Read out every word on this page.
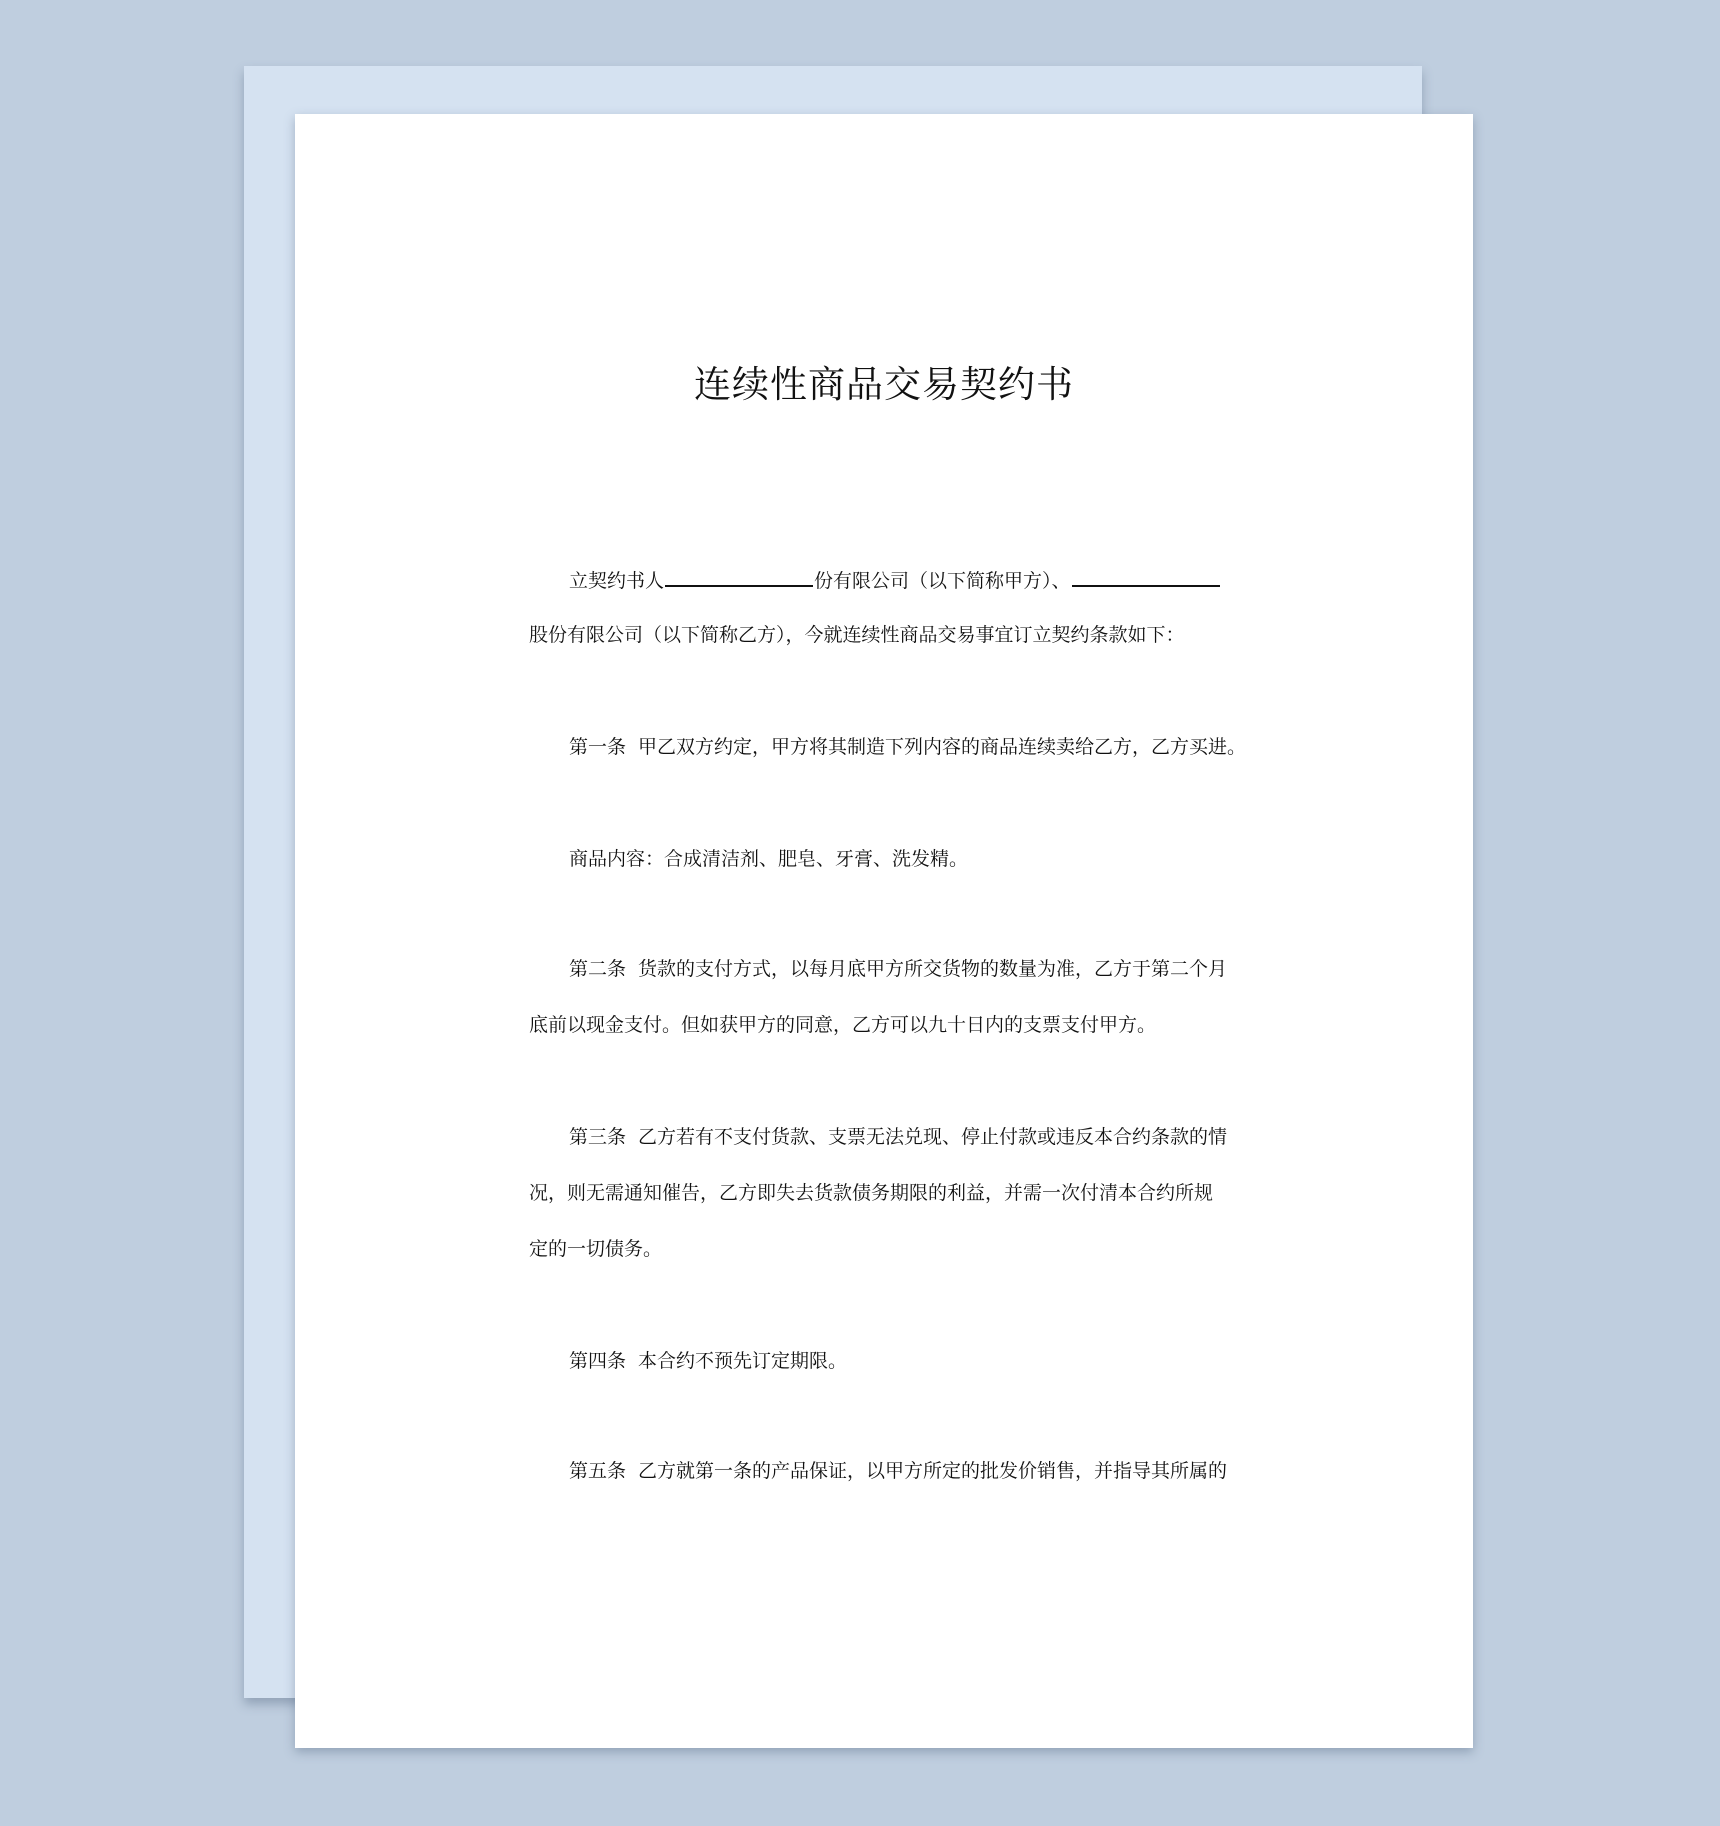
连续性商品交易契约书
立契约书人	份有限公司（以下简称甲方）、
股份有限公司（以下简称乙方），今就连续性商品交易事宜订立契约条款如下：
第一条 甲乙双方约定，甲方将其制造下列内容的商品连续卖给乙方，乙方买进。
商品内容：合成清洁剂、肥皂、牙膏、洗发精。
第二条 货款的支付方式，以每月底甲方所交货物的数量为准，乙方于第二个月
底前以现金支付。但如获甲方的同意，乙方可以九十日内的支票支付甲方。
第三条 乙方若有不支付货款、支票无法兑现、停止付款或违反本合约条款的情
况，则无需通知催告，乙方即失去货款债务期限的利益，并需一次付清本合约所规
定的一切债务。
第四条 本合约不预先订定期限。
第五条 乙方就第一条的产品保证，以甲方所定的批发价销售，并指导其所属的
